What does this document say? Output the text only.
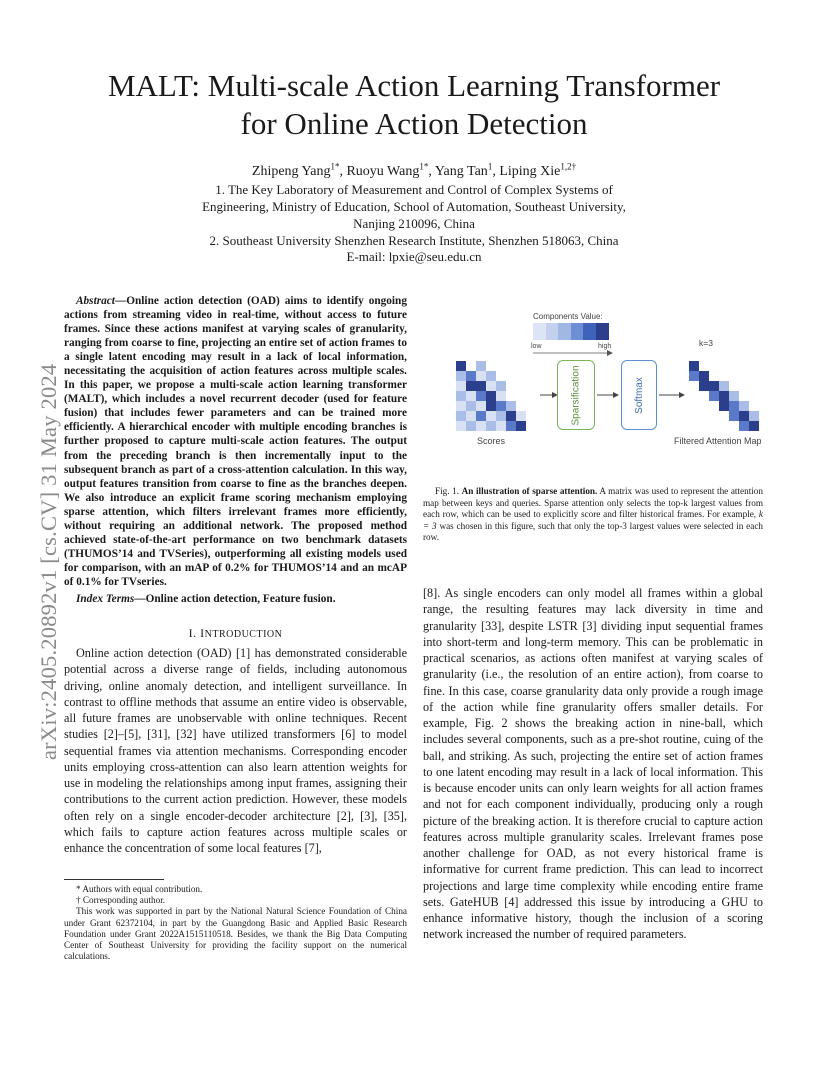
arXiv:2405.20892v1 [cs.CV] 31 May 2024
MALT: Multi-scale Action Learning Transformer
for Online Action Detection
Zhipeng Yang$^{1*}$, Ruoyu Wang$^{1*}$, Yang Tan$^1$, Liping Xie$^{1,2\dagger}$
1. The Key Laboratory of Measurement and Control of Complex Systems of
Engineering, Ministry of Education, School of Automation, Southeast University,
Nanjing 210096, China
2. Southeast University Shenzhen Research Institute, Shenzhen 518063, China
E-mail: lpxie@seu.edu.cn
Abstract—Online action detection (OAD) aims to identify ongoing actions from streaming video in real-time, without access to future frames. Since these actions manifest at varying scales of granularity, ranging from coarse to fine, projecting an entire set of action frames to a single latent encoding may result in a lack of local information, necessitating the acquisition of action features across multiple scales. In this paper, we propose a multi-scale action learning transformer (MALT), which includes a novel recurrent decoder (used for feature fusion) that includes fewer parameters and can be trained more efficiently. A hierarchical encoder with multiple encoding branches is further proposed to capture multi-scale action features. The output from the preceding branch is then incrementally input to the subsequent branch as part of a cross-attention calculation. In this way, output features transition from coarse to fine as the branches deepen. We also introduce an explicit frame scoring mechanism employing sparse attention, which filters irrelevant frames more efficiently, without requiring an additional network. The proposed method achieved state-of-the-art performance on two benchmark datasets (THUMOS’14 and TVSeries), outperforming all existing models used for comparison, with an mAP of 0.2% for THUMOS’14 and an mcAP of 0.1% for TVseries.
Index Terms—Online action detection, Feature fusion.
I. INTRODUCTION
Online action detection (OAD) [1] has demonstrated considerable potential across a diverse range of fields, including autonomous driving, online anomaly detection, and intelligent surveillance. In contrast to offline methods that assume an entire video is observable, all future frames are unobservable with online techniques. Recent studies [2]–[5], [31], [32] have utilized transformers [6] to model sequential frames via attention mechanisms. Corresponding encoder units employing cross-attention can also learn attention weights for use in modeling the relationships among input frames, assigning their contributions to the current action prediction. However, these models often rely on a single encoder-decoder architecture [2], [3], [35], which fails to capture action features across multiple scales or enhance the concentration of some local features [7],
* Authors with equal contribution.
† Corresponding author.
This work was supported in part by the National Natural Science Foundation of China under Grant 62372104, in part by the Guangdong Basic and Applied Basic Research Foundation under Grant 2022A1515110518. Besides, we thank the Big Data Computing Center of Southeast University for providing the facility support on the numerical calculations.
Components Value:
low	high
Scores
Sparsification	Softmax
k=3
Filtered Attention Map
Fig. 1. An illustration of sparse attention. A matrix was used to represent the attention map between keys and queries. Sparse attention only selects the top-k largest values from each row, which can be used to explicitly score and filter historical frames. For example, k = 3 was chosen in this figure, such that only the top-3 largest values were selected in each row.
[8]. As single encoders can only model all frames within a global range, the resulting features may lack diversity in time and granularity [33], despite LSTR [3] dividing input sequential frames into short-term and long-term memory. This can be problematic in practical scenarios, as actions often manifest at varying scales of granularity (i.e., the resolution of an entire action), from coarse to fine. In this case, coarse granularity data only provide a rough image of the action while fine granularity offers smaller details. For example, Fig. 2 shows the breaking action in nine-ball, which includes several components, such as a pre-shot routine, cuing of the ball, and striking. As such, projecting the entire set of action frames to one latent encoding may result in a lack of local information. This is because encoder units can only learn weights for all action frames and not for each component individually, producing only a rough picture of the breaking action. It is therefore crucial to capture action features across multiple granularity scales. Irrelevant frames pose another challenge for OAD, as not every historical frame is informative for current frame prediction. This can lead to incorrect projections and large time complexity while encoding entire frame sets. GateHUB [4] addressed this issue by introducing a GHU to enhance informative history, though the inclusion of a scoring network increased the number of required parameters.
